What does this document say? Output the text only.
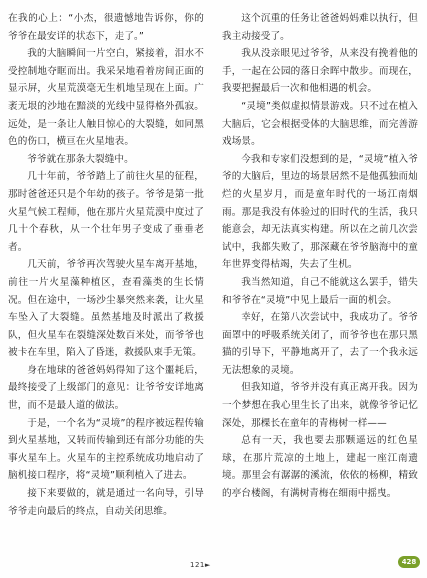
在我的心上：“小杰，很遗憾地告诉你，你的爷爷在最安详的状态下，走了。”

我的大脑瞬间一片空白，紧接着，泪水不受控制地夺眶而出。我采呆地看着房间正面的显示屏，火星荒漠毫无生机地呈现在上面。广袤无垠的沙地在黯淡的光线中显得格外孤寂。远处，是一条让人触目惊心的大裂缝，如同黑色的伤口，横亘在火星地表。

爷爷就在那条大裂缝中。

几十年前，爷爷踏上了前往火星的征程，那时爸爸还只是个年幼的孩子。爷爷是第一批火星气候工程师，他在那片火星荒漠中度过了几十个春秋，从一个壮年男子变成了垂垂老者。

几天前，爷爷再次驾驶火星车离开基地，前往一片火星藻种植区，查看藻类的生长情况。但在途中，一场沙尘暴突然来袭，让火星车坠入了大裂缝。虽然基地及时派出了救援队，但火星车在裂缝深处数百米处，而爷爷也被卡在车里，陷入了昏迷，救援队束手无策。

身在地球的爸爸妈妈得知了这个噩耗后，最终接受了上级部门的意见：让爷爷安详地离世，而不是最人道的做法。

于是，一个名为“灵境”的程序被远程传输到火星基地，又转而传输到还有部分功能的失事火星车上。火星车的主控系统成功地启动了脑机接口程序，将“灵境”顺利植入了进去。

接下来要做的，就是通过一名向导，引导爷爷走向最后的终点，自动关闭思维。

这个沉重的任务让爸爸妈妈难以执行，但我主动接受了。

我从没亲眼见过爷爷，从来没有挽着他的手，一起在公园的落日余晖中散步。而现在，我要把握最后一次和他相遇的机会。

“灵境”类似虚拟情景游戏。只不过在植入大脑后，它会根据受体的大脑思维，而完善游戏场景。

今我和专家们没想到的是，“灵境”植入爷爷的大脑后，里边的场景居然不是他孤独而灿烂的火星岁月，而是童年时代的一场江南烟雨。那是我没有体验过的旧时代的生活，我只能意会，却无法真实构建。所以在之前几次尝试中，我都失败了，那深藏在爷爷脑海中的童年世界变得枯竭，失去了生机。

我当然知道，自己不能就这么罢手，错失和爷爷在“灵境”中见上最后一面的机会。

幸好，在第八次尝试中，我成功了。爷爷面罩中的呼吸系统关闭了，而爷爷也在那只黑猫的引导下，平静地离开了，去了一个我永远无法想象的灵境。

但我知道，爷爷并没有真正离开我。因为一个梦想在我心里生长了出来，就像爷爷记忆深处，那棵长在童年的青梅树一样——

总有一天，我也要去那颗遥远的红色星球，在那片荒凉的土地上，建起一座江南遗境。那里会有潺潺的溪流，依依的杨柳，精致的亭台楼阁，有满树青梅在细雨中摇曳。

121►	428
